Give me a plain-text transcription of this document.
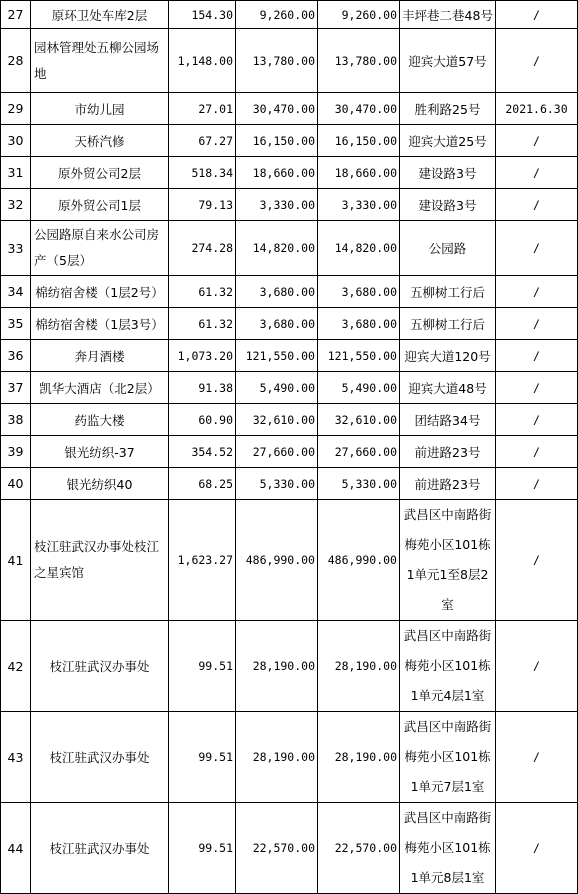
27	原环卫处车库2层	154.30	9,260.00	9,260.00	丰坪巷二巷48号	/
28	园林管理处五柳公园场地	1,148.00	13,780.00	13,780.00	迎宾大道57号	/
29	市幼儿园	27.01	30,470.00	30,470.00	胜利路25号	2021.6.30
30	天桥汽修	67.27	16,150.00	16,150.00	迎宾大道25号	/
31	原外贸公司2层	518.34	18,660.00	18,660.00	建设路3号	/
32	原外贸公司1层	79.13	3,330.00	3,330.00	建设路3号	/
33	公园路原自来水公司房产（5层）	274.28	14,820.00	14,820.00	公园路	/
34	棉纺宿舍楼（1层2号）	61.32	3,680.00	3,680.00	五柳树工行后	/
35	棉纺宿舍楼（1层3号）	61.32	3,680.00	3,680.00	五柳树工行后	/
36	奔月酒楼	1,073.20	121,550.00	121,550.00	迎宾大道120号	/
37	凯华大酒店（北2层）	91.38	5,490.00	5,490.00	迎宾大道48号	/
38	药监大楼	60.90	32,610.00	32,610.00	团结路34号	/
39	银光纺织-37	354.52	27,660.00	27,660.00	前进路23号	/
40	银光纺织40	68.25	5,330.00	5,330.00	前进路23号	/
41	枝江驻武汉办事处枝江之星宾馆	1,623.27	486,990.00	486,990.00	武昌区中南路街梅苑小区101栋1单元1至8层2室	/
42	枝江驻武汉办事处	99.51	28,190.00	28,190.00	武昌区中南路街梅苑小区101栋1单元4层1室	/
43	枝江驻武汉办事处	99.51	28,190.00	28,190.00	武昌区中南路街梅苑小区101栋1单元7层1室	/
44	枝江驻武汉办事处	99.51	22,570.00	22,570.00	武昌区中南路街梅苑小区101栋1单元8层1室	/
